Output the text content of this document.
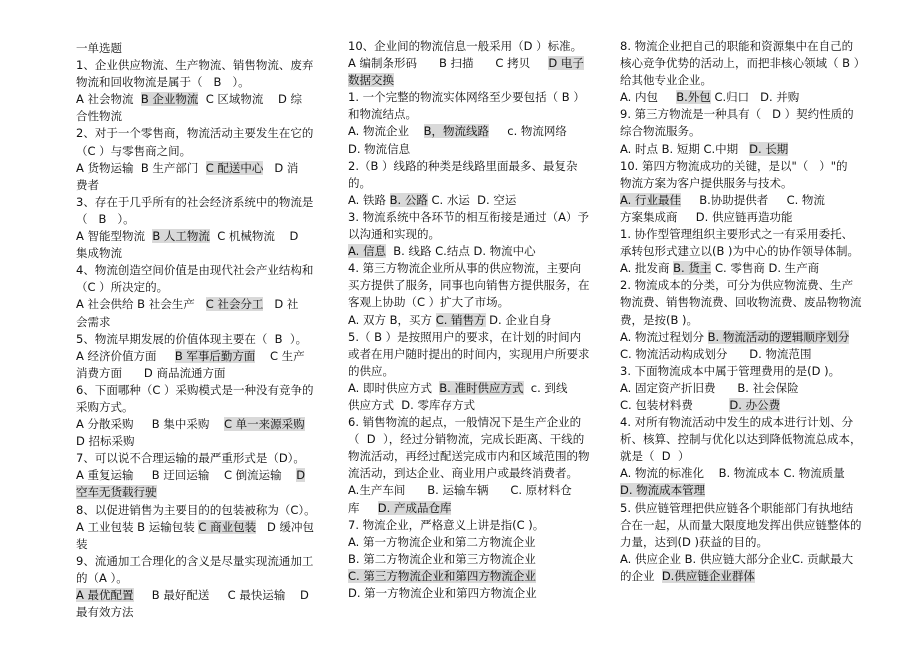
一单选题
1、企业供应物流、生产物流、销售物流、废弃
物流和回收物流是属于（   B   ）。
A 社会物流  B 企业物流  C 区域物流    D 综
合性物流
2、对于一个零售商，物流活动主要发生在它的
（C ）与零售商之间。
A 货物运输  B 生产部门  C 配送中心   D 消
费者
3、存在于几乎所有的社会经济系统中的物流是
（   B   ）。
A 智能型物流  B 人工物流  C 机械物流    D
集成物流
4、物流创造空间价值是由现代社会产业结构和
（C ）所决定的。
A 社会供给 B 社会生产   C 社会分工   D 社
会需求
5、物流早期发展的价值体现主要在（  B  ）。
A 经济价值方面     B 军事后勤方面    C 生产
消费方面      D 商品流通方面
6、下面哪种（C ）采购模式是一种没有竞争的
采购方式。
A 分散采购     B 集中采购    C 单一来源采购
D 招标采购
7、可以说不合理运输的最严重形式是（D）。
A 重复运输     B 迂回运输    C 倒流运输    D
空车无货载行驶
8、以促进销售为主要目的的包装被称为（C）。
A 工业包装 B 运输包装 C 商业包装   D 缓冲包
装
9、流通加工合理化的含义是尽量实现流通加工
的（A ）。
A 最优配置     B 最好配送     C 最快运输    D
最有效方法
10、企业间的物流信息一般采用（D ）标准。
A 编制条形码      B 扫描      C 拷贝     D 电子
数据交换
1. 一个完整的物流实体网络至少要包括（ B ）
和物流结点。
A. 物流企业    B，物流线路     c. 物流网络
D. 物流信息
2.（B ）线路的种类是线路里面最多、最复杂
的。
A. 铁路 B. 公路 C. 水运  D. 空运
3. 物流系统中各环节的相互衔接是通过（A）予
以沟通和实现的。
A. 信息  B. 线路 C.结点 D. 物流中心
4. 第三方物流企业所从事的供应物流，主要向
买方提供了服务，同事也向销售方提供服务，在
客观上协助（C ）扩大了市场。
A. 双方 B，买方 C. 销售方 D. 企业自身
5.（ B ）是按照用户的要求，在计划的时间内
或者在用户随时提出的时间内，实现用户所要求
的供应。
A. 即时供应方式  B. 准时供应方式  c. 到线
供应方式  D. 零库存方式
6. 销售物流的起点，一般情况下是生产企业的
（  D  ），经过分销物流，完成长距离、干线的
物流活动，再经过配送完成市内和区域范围的物
流活动，到达企业、商业用户或最终消费者。
A.生产车间      B. 运输车辆      C. 原材料仓
库     D. 产成品仓库
7. 物流企业，严格意义上讲是指(C )。
A. 第一方物流企业和第二方物流企业
B. 第二方物流企业和第三方物流企业
C. 第三方物流企业和第四方物流企业
D. 第一方物流企业和第四方物流企业
8. 物流企业把自己的职能和资源集中在自己的
核心竞争优势的活动上，而把非核心领域（ B ）
给其他专业企业。
A. 内包     B.外包 C.归口   D. 并购
9. 第三方物流是一种具有（   D ）契约性质的
综合物流服务。
A. 时点 B. 短期 C.中期   D. 长期
10. 第四方物流成功的关键，是以"（   ）"的
物流方案为客户提供服务与技术。
A. 行业最佳     B.协助提供者     C. 物流
方案集成商     D. 供应链再造功能
1. 协作型管理组织主要形式之一有采用委托、
承转包形式建立以(B )为中心的协作领导体制。
A. 批发商 B. 货主 C. 零售商 D. 生产商
2. 物流成本的分类，可分为供应物流费、生产
物流费、销售物流费、回收物流费、废品物物流
费，是按(B )。
A. 物流过程划分 B. 物流活动的逻辑顺序划分
C. 物流活动构成划分      D. 物流范围
3. 下面物流成本中属于管理费用的是(D )。
A. 固定资产折旧费      B. 社会保险
C. 包装材料费          D. 办公费
4. 对所有物流活动中发生的成本进行计划、分
析、核算、控制与优化以达到降低物流总成本，
就是（  D  ）
A. 物流的标准化    B. 物流成本 C. 物流质量
D. 物流成本管理
5. 供应链管理把供应链各个职能部门有执地结
合在一起，从而量大限度地发挥出供应链整体的
力量，达到(D )获益的目的。
A. 供应企业 B. 供应链大部分企业C. 贡献最大
的企业  D.供应链企业群体
